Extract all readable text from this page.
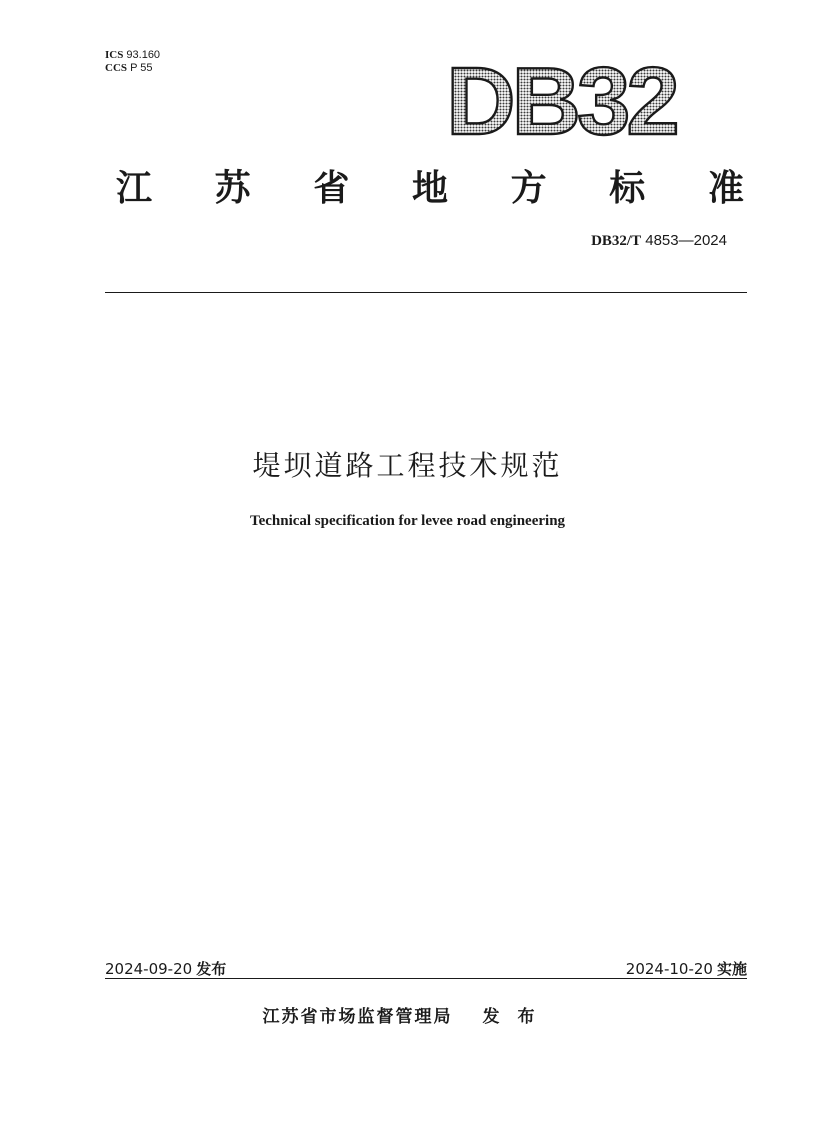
ICS 93.160
CCS P 55	DB32
江 苏 省 地 方 标 准
DB32/T 4853—2024
堤坝道路工程技术规范
Technical specification for levee road engineering
2024-09-20 发布	2024-10-20 实施
江苏省市场监督管理局 发布
